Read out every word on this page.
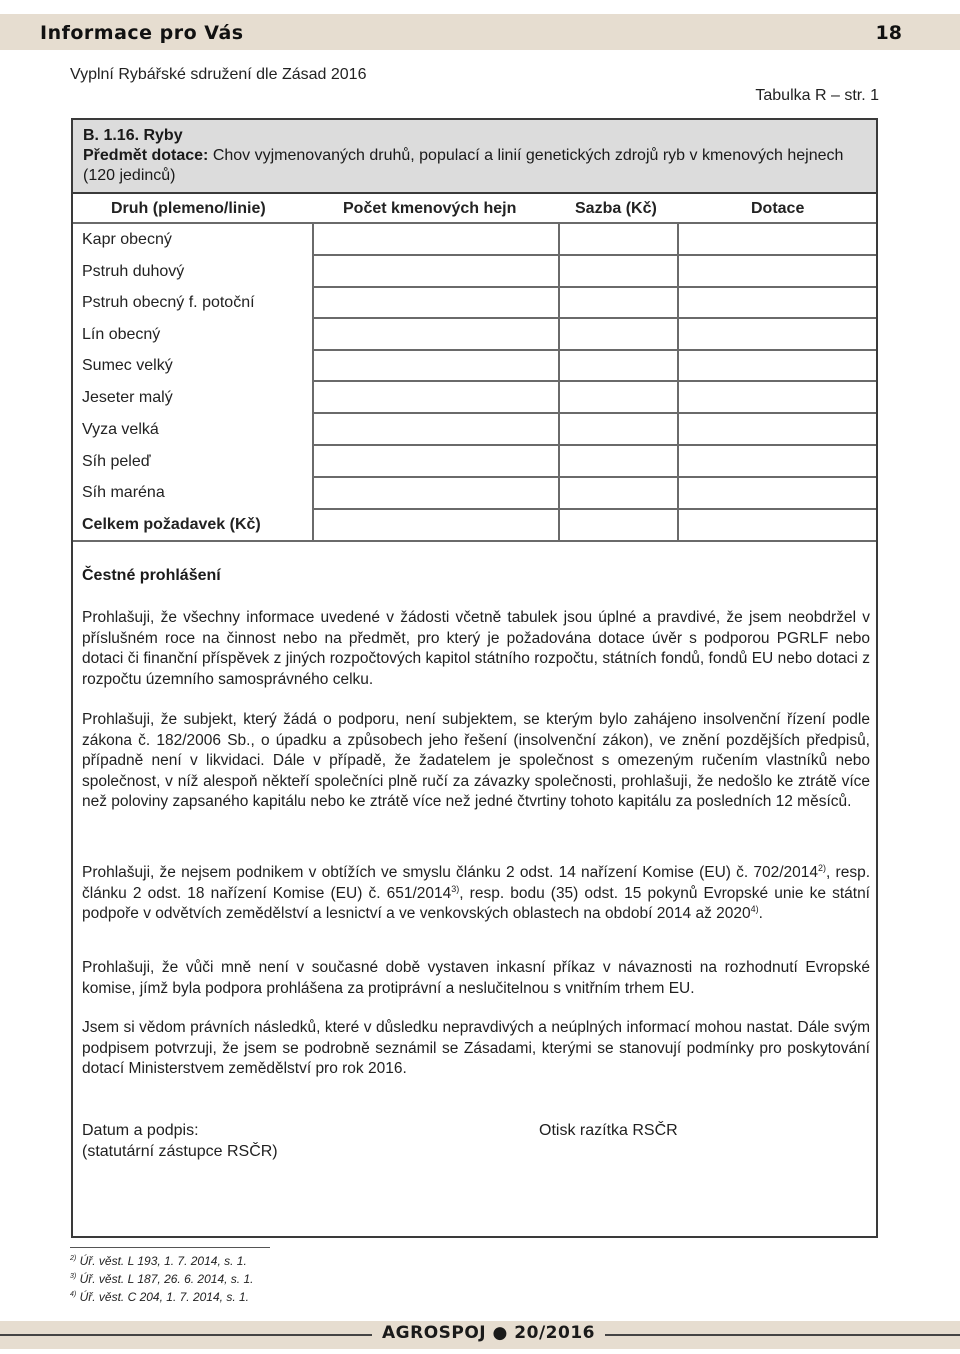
Informace pro Vás	18
Vyplní Rybářské sdružení dle Zásad 2016
Tabulka R – str. 1
B. 1.16. Ryby
Předmět dotace: Chov vyjmenovaných druhů, populací a linií genetických zdrojů ryb v kmenových hejnech (120 jedinců)
Druh (plemeno/linie)	Počet kmenových hejn	Sazba (Kč)	Dotace
Kapr obecný
Pstruh duhový
Pstruh obecný f. potoční
Lín obecný
Sumec velký
Jeseter malý
Vyza velká
Síh peleď
Síh maréna
Celkem požadavek (Kč)
Čestné prohlášení
Prohlašuji, že všechny informace uvedené v žádosti včetně tabulek jsou úplné a pravdivé, že jsem neobdržel v příslušném roce na činnost nebo na předmět, pro který je požadována dotace úvěr s podporou PGRLF nebo dotaci či finanční příspěvek z jiných rozpočtových kapitol státního rozpočtu, státních fondů, fondů EU nebo dotaci z rozpočtu územního samosprávného celku.
Prohlašuji, že subjekt, který žádá o podporu, není subjektem, se kterým bylo zahájeno insolvenční řízení podle zákona č. 182/2006 Sb., o úpadku a způsobech jeho řešení (insolvenční zákon), ve znění pozdějších předpisů, případně není v likvidaci. Dále v případě, že žadatelem je společnost s omezeným ručením vlastníků nebo společnost, v níž alespoň někteří společníci plně ručí za závazky společnosti, prohlašuji, že nedošlo ke ztrátě více než poloviny zapsaného kapitálu nebo ke ztrátě více než jedné čtvrtiny tohoto kapitálu za posledních 12 měsíců.
Prohlašuji, že nejsem podnikem v obtížích ve smyslu článku 2 odst. 14 nařízení Komise (EU) č. 702/2014$^{2)}$, resp. článku 2 odst. 18 nařízení Komise (EU) č. 651/2014$^{3)}$, resp. bodu (35) odst. 15 pokynů Evropské unie ke státní podpoře v odvětvích zemědělství a lesnictví a ve venkovských oblastech na období 2014 až 2020$^{4)}$.
Prohlašuji, že vůči mně není v současné době vystaven inkasní příkaz v návaznosti na rozhodnutí Evropské komise, jímž byla podpora prohlášena za protiprávní a neslučitelnou s vnitřním trhem EU.
Jsem si vědom právních následků, které v důsledku nepravdivých a neúplných informací mohou nastat. Dále svým podpisem potvrzuji, že jsem se podrobně seznámil se Zásadami, kterými se stanovují podmínky pro poskytování dotací Ministerstvem zemědělství pro rok 2016.
Datum a podpis:
(statutární zástupce RSČR)
Otisk razítka RSČR
$^{2)}$ Úř. věst. L 193, 1. 7. 2014, s. 1.
$^{3)}$ Úř. věst. L 187, 26. 6. 2014, s. 1.
$^{4)}$ Úř. věst. C 204, 1. 7. 2014, s. 1.
AGROSPOJ ● 20/2016
